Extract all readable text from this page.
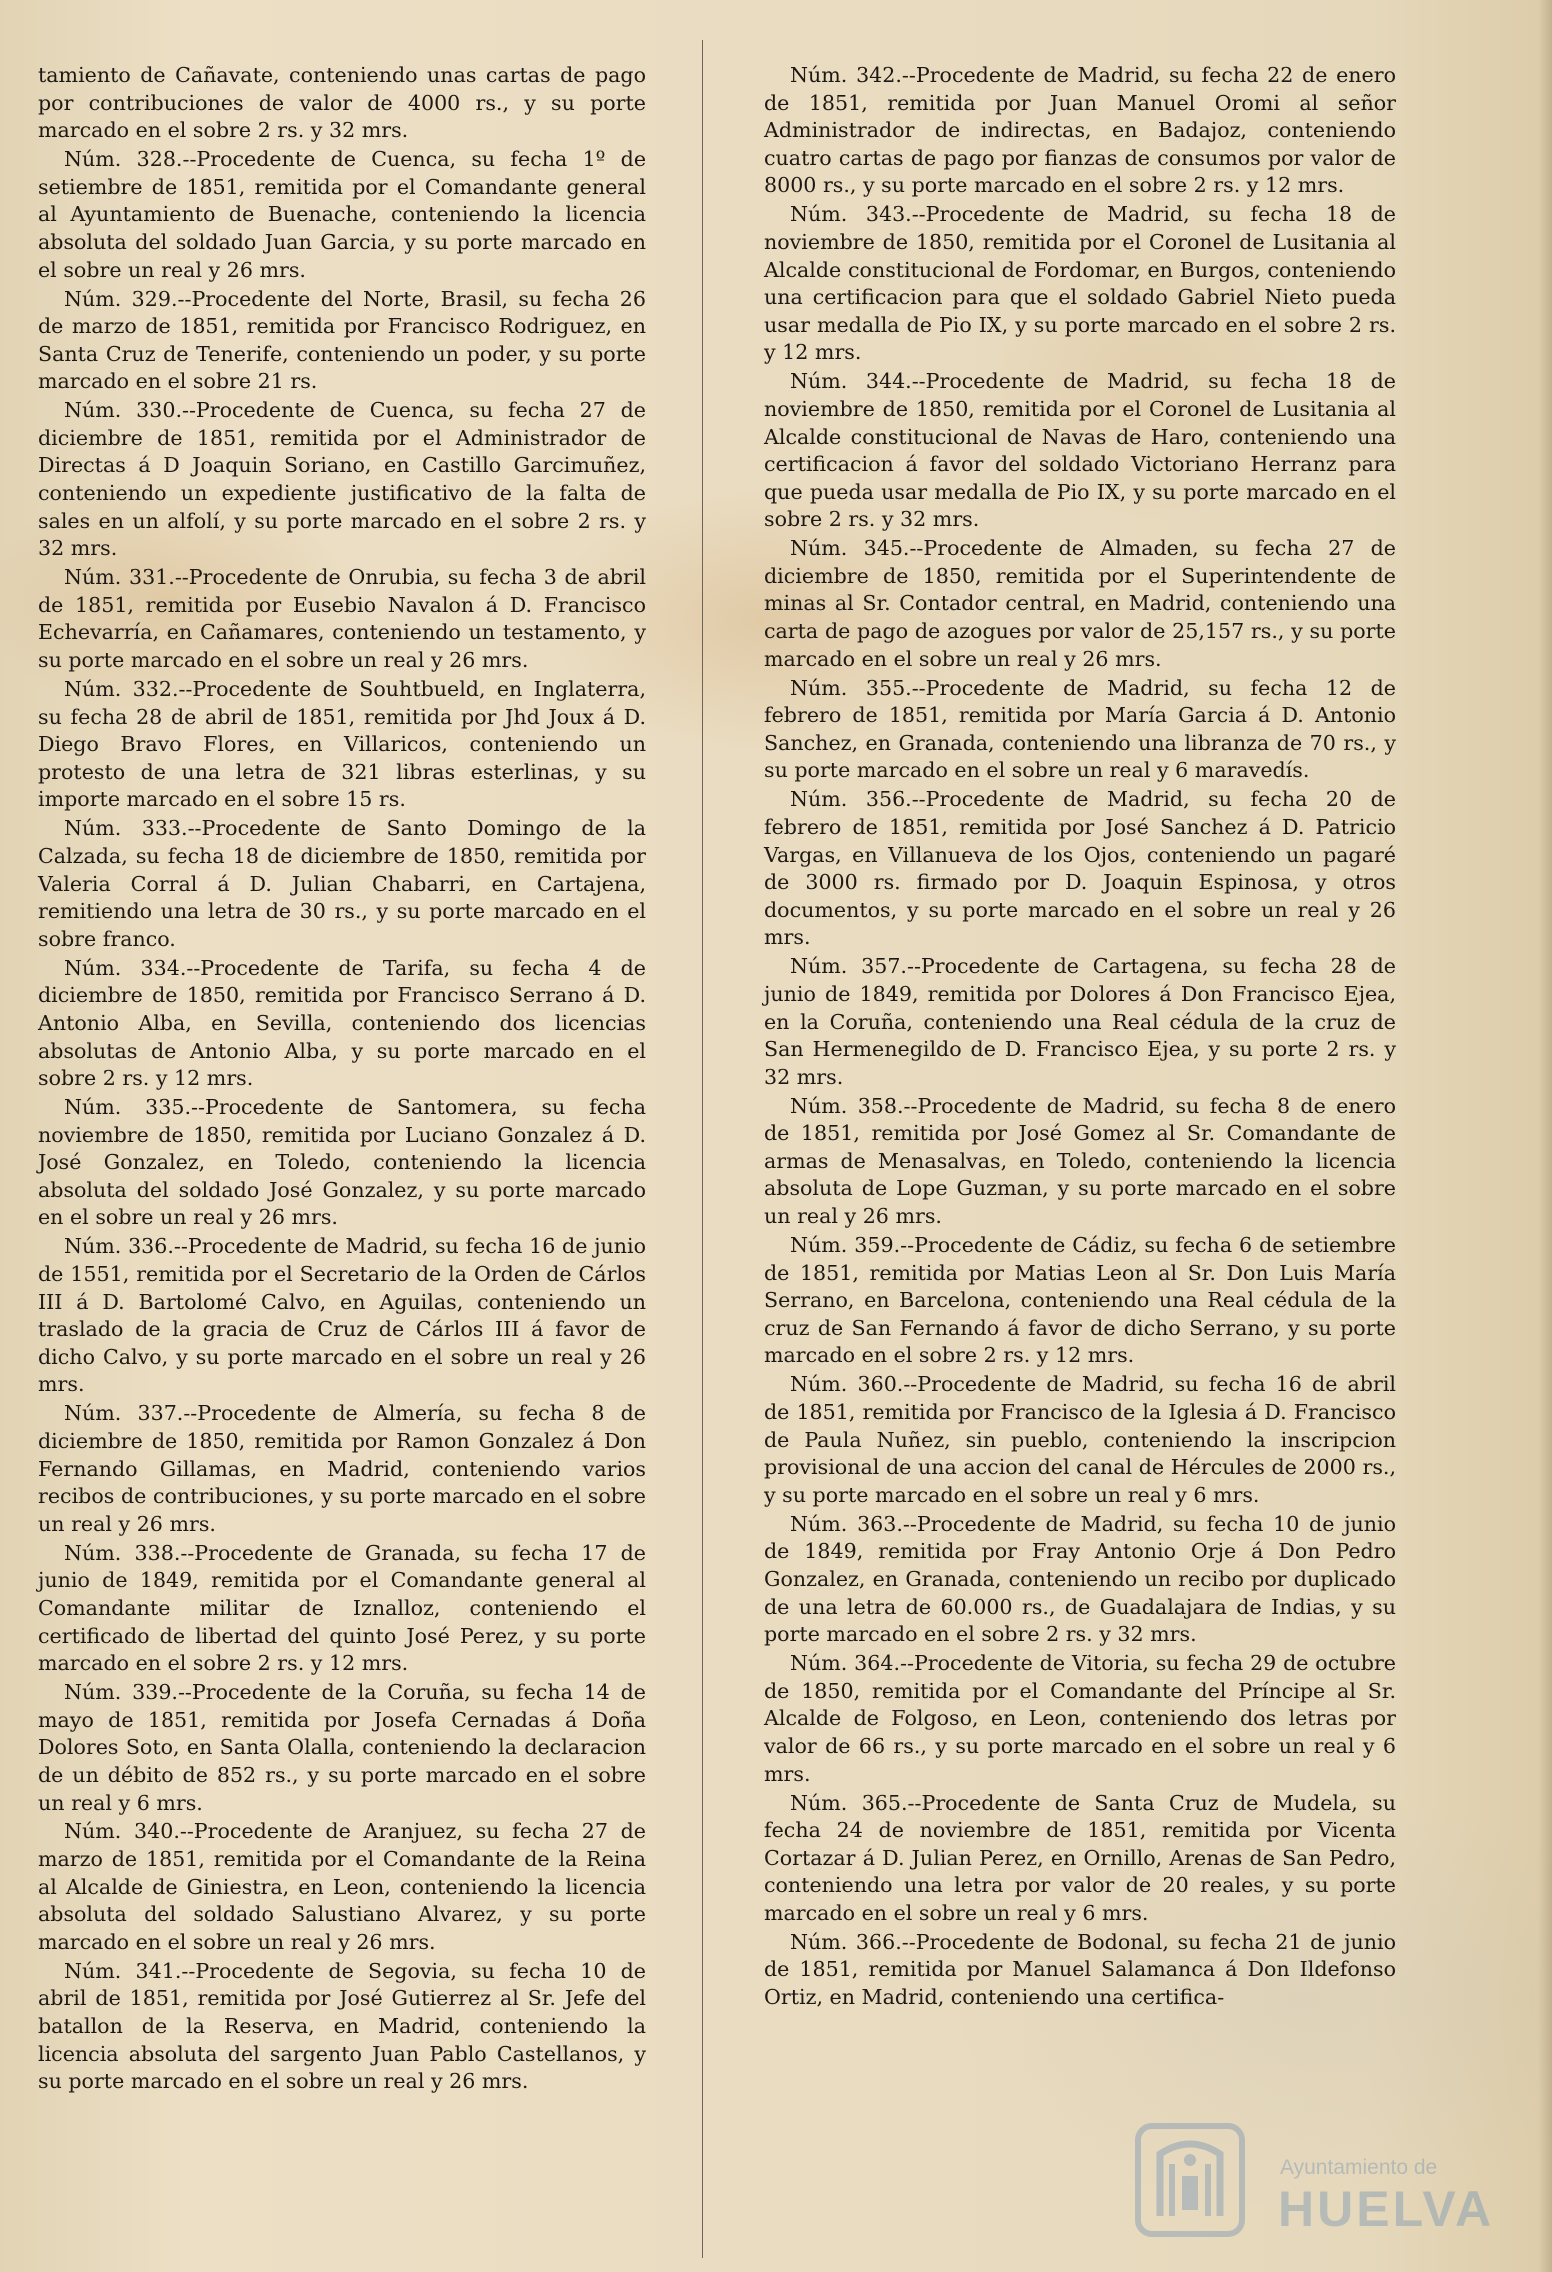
tamiento de Cañavate, conteniendo unas cartas de pago por contribuciones de valor de 4000 rs., y su porte marcado en el sobre 2 rs. y 32 mrs.

Núm. 328.--Procedente de Cuenca, su fecha 1º de setiembre de 1851, remitida por el Comandante general al Ayuntamiento de Buenache, conteniendo la licencia absoluta del soldado Juan Garcia, y su porte marcado en el sobre un real y 26 mrs.

Núm. 329.--Procedente del Norte, Brasil, su fecha 26 de marzo de 1851, remitida por Francisco Rodriguez, en Santa Cruz de Tenerife, conteniendo un poder, y su porte marcado en el sobre 21 rs.

Núm. 330.--Procedente de Cuenca, su fecha 27 de diciembre de 1851, remitida por el Administrador de Directas á D Joaquin Soriano, en Castillo Garcimuñez, conteniendo un expediente justificativo de la falta de sales en un alfolí, y su porte marcado en el sobre 2 rs. y 32 mrs.

Núm. 331.--Procedente de Onrubia, su fecha 3 de abril de 1851, remitida por Eusebio Navalon á D. Francisco Echevarría, en Cañamares, conteniendo un testamento, y su porte marcado en el sobre un real y 26 mrs.

Núm. 332.--Procedente de Souhtbueld, en Inglaterra, su fecha 28 de abril de 1851, remitida por Jhd Joux á D. Diego Bravo Flores, en Villaricos, conteniendo un protesto de una letra de 321 libras esterlinas, y su importe marcado en el sobre 15 rs.

Núm. 333.--Procedente de Santo Domingo de la Calzada, su fecha 18 de diciembre de 1850, remitida por Valeria Corral á D. Julian Chabarri, en Cartajena, remitiendo una letra de 30 rs., y su porte marcado en el sobre franco.

Núm. 334.--Procedente de Tarifa, su fecha 4 de diciembre de 1850, remitida por Francisco Serrano á D. Antonio Alba, en Sevilla, conteniendo dos licencias absolutas de Antonio Alba, y su porte marcado en el sobre 2 rs. y 12 mrs.

Núm. 335.--Procedente de Santomera, su fecha noviembre de 1850, remitida por Luciano Gonzalez á D. José Gonzalez, en Toledo, conteniendo la licencia absoluta del soldado José Gonzalez, y su porte marcado en el sobre un real y 26 mrs.

Núm. 336.--Procedente de Madrid, su fecha 16 de junio de 1551, remitida por el Secretario de la Orden de Cárlos III á D. Bartolomé Calvo, en Aguilas, conteniendo un traslado de la gracia de Cruz de Cárlos III á favor de dicho Calvo, y su porte marcado en el sobre un real y 26 mrs.

Núm. 337.--Procedente de Almería, su fecha 8 de diciembre de 1850, remitida por Ramon Gonzalez á Don Fernando Gillamas, en Madrid, conteniendo varios recibos de contribuciones, y su porte marcado en el sobre un real y 26 mrs.

Núm. 338.--Procedente de Granada, su fecha 17 de junio de 1849, remitida por el Comandante general al Comandante militar de Iznalloz, conteniendo el certificado de libertad del quinto José Perez, y su porte marcado en el sobre 2 rs. y 12 mrs.

Núm. 339.--Procedente de la Coruña, su fecha 14 de mayo de 1851, remitida por Josefa Cernadas á Doña Dolores Soto, en Santa Olalla, conteniendo la declaracion de un débito de 852 rs., y su porte marcado en el sobre un real y 6 mrs.

Núm. 340.--Procedente de Aranjuez, su fecha 27 de marzo de 1851, remitida por el Comandante de la Reina al Alcalde de Giniestra, en Leon, conteniendo la licencia absoluta del soldado Salustiano Alvarez, y su porte marcado en el sobre un real y 26 mrs.

Núm. 341.--Procedente de Segovia, su fecha 10 de abril de 1851, remitida por José Gutierrez al Sr. Jefe del batallon de la Reserva, en Madrid, conteniendo la licencia absoluta del sargento Juan Pablo Castellanos, y su porte marcado en el sobre un real y 26 mrs.

Núm. 342.--Procedente de Madrid, su fecha 22 de enero de 1851, remitida por Juan Manuel Oromi al señor Administrador de indirectas, en Badajoz, conteniendo cuatro cartas de pago por fianzas de consumos por valor de 8000 rs., y su porte marcado en el sobre 2 rs. y 12 mrs.

Núm. 343.--Procedente de Madrid, su fecha 18 de noviembre de 1850, remitida por el Coronel de Lusitania al Alcalde constitucional de Fordomar, en Burgos, conteniendo una certificacion para que el soldado Gabriel Nieto pueda usar medalla de Pio IX, y su porte marcado en el sobre 2 rs. y 12 mrs.

Núm. 344.--Procedente de Madrid, su fecha 18 de noviembre de 1850, remitida por el Coronel de Lusitania al Alcalde constitucional de Navas de Haro, conteniendo una certificacion á favor del soldado Victoriano Herranz para que pueda usar medalla de Pio IX, y su porte marcado en el sobre 2 rs. y 32 mrs.

Núm. 345.--Procedente de Almaden, su fecha 27 de diciembre de 1850, remitida por el Superintendente de minas al Sr. Contador central, en Madrid, conteniendo una carta de pago de azogues por valor de 25,157 rs., y su porte marcado en el sobre un real y 26 mrs.

Núm. 355.--Procedente de Madrid, su fecha 12 de febrero de 1851, remitida por María Garcia á D. Antonio Sanchez, en Granada, conteniendo una libranza de 70 rs., y su porte marcado en el sobre un real y 6 maravedís.

Núm. 356.--Procedente de Madrid, su fecha 20 de febrero de 1851, remitida por José Sanchez á D. Patricio Vargas, en Villanueva de los Ojos, conteniendo un pagaré de 3000 rs. firmado por D. Joaquin Espinosa, y otros documentos, y su porte marcado en el sobre un real y 26 mrs.

Núm. 357.--Procedente de Cartagena, su fecha 28 de junio de 1849, remitida por Dolores á Don Francisco Ejea, en la Coruña, conteniendo una Real cédula de la cruz de San Hermenegildo de D. Francisco Ejea, y su porte 2 rs. y 32 mrs.

Núm. 358.--Procedente de Madrid, su fecha 8 de enero de 1851, remitida por José Gomez al Sr. Comandante de armas de Menasalvas, en Toledo, conteniendo la licencia absoluta de Lope Guzman, y su porte marcado en el sobre un real y 26 mrs.

Núm. 359.--Procedente de Cádiz, su fecha 6 de setiembre de 1851, remitida por Matias Leon al Sr. Don Luis María Serrano, en Barcelona, conteniendo una Real cédula de la cruz de San Fernando á favor de dicho Serrano, y su porte marcado en el sobre 2 rs. y 12 mrs.

Núm. 360.--Procedente de Madrid, su fecha 16 de abril de 1851, remitida por Francisco de la Iglesia á D. Francisco de Paula Nuñez, sin pueblo, conteniendo la inscripcion provisional de una accion del canal de Hércules de 2000 rs., y su porte marcado en el sobre un real y 6 mrs.

Núm. 363.--Procedente de Madrid, su fecha 10 de junio de 1849, remitida por Fray Antonio Orje á Don Pedro Gonzalez, en Granada, conteniendo un recibo por duplicado de una letra de 60.000 rs., de Guadalajara de Indias, y su porte marcado en el sobre 2 rs. y 32 mrs.

Núm. 364.--Procedente de Vitoria, su fecha 29 de octubre de 1850, remitida por el Comandante del Príncipe al Sr. Alcalde de Folgoso, en Leon, conteniendo dos letras por valor de 66 rs., y su porte marcado en el sobre un real y 6 mrs.

Núm. 365.--Procedente de Santa Cruz de Mudela, su fecha 24 de noviembre de 1851, remitida por Vicenta Cortazar á D. Julian Perez, en Ornillo, Arenas de San Pedro, conteniendo una letra por valor de 20 reales, y su porte marcado en el sobre un real y 6 mrs.

Núm. 366.--Procedente de Bodonal, su fecha 21 de junio de 1851, remitida por Manuel Salamanca á Don Ildefonso Ortiz, en Madrid, conteniendo una certifica-

Ayuntamiento de
HUELVA
